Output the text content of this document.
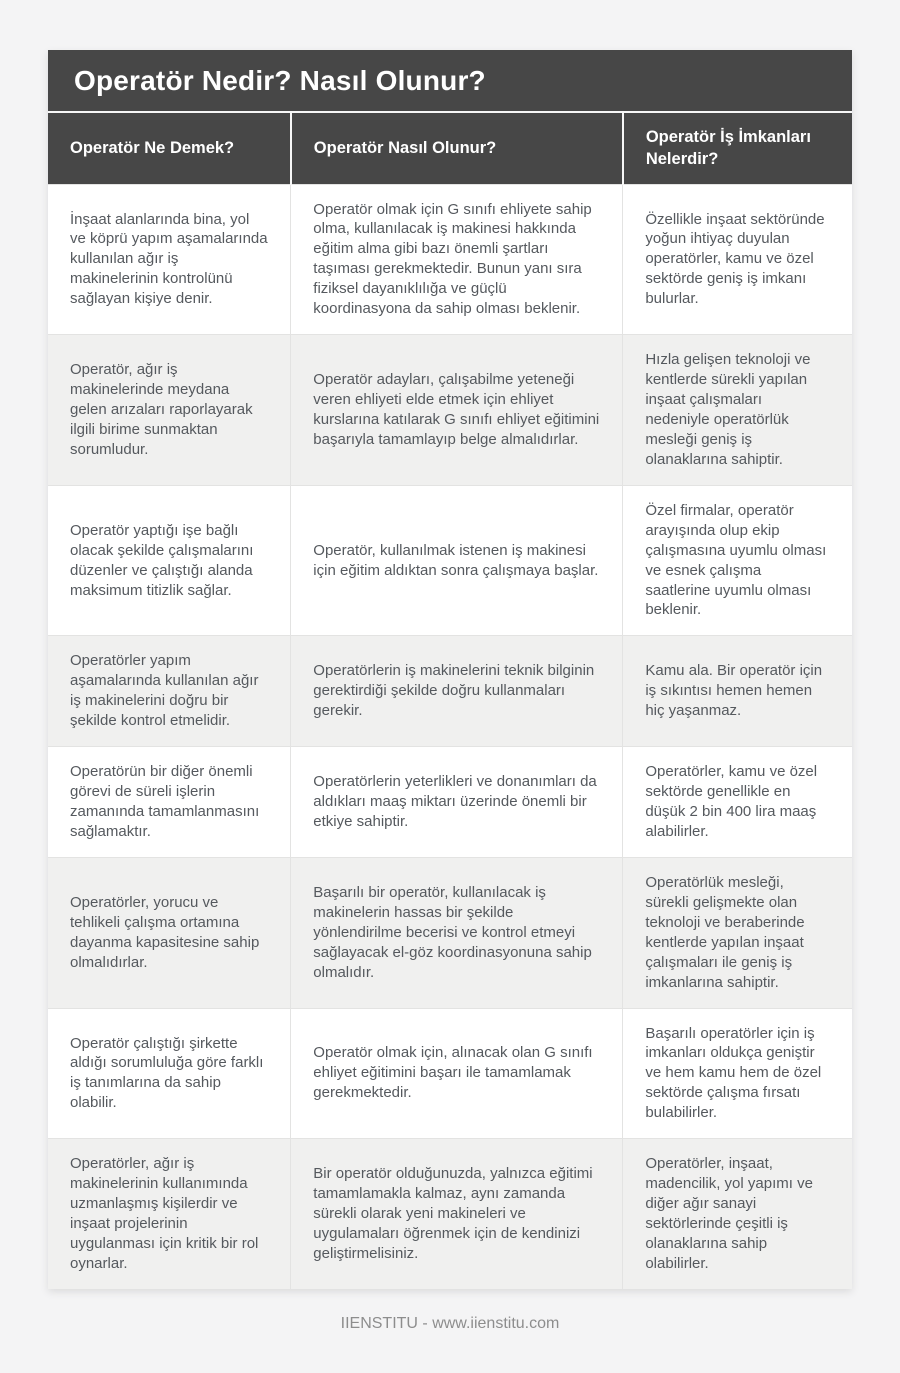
Operatör Nedir? Nasıl Olunur?		
Operatör Ne Demek?	Operatör Nasıl Olunur?	Operatör İş İmkanları Nelerdir?
İnşaat alanlarında bina, yol ve köprü yapım aşamalarında kullanılan ağır iş makinelerinin kontrolünü sağlayan kişiye denir.	Operatör olmak için G sınıfı ehliyete sahip olma, kullanılacak iş makinesi hakkında eğitim alma gibi bazı önemli şartları taşıması gerekmektedir. Bunun yanı sıra fiziksel dayanıklılığa ve güçlü koordinasyona da sahip olması beklenir.	Özellikle inşaat sektöründe yoğun ihtiyaç duyulan operatörler, kamu ve özel sektörde geniş iş imkanı bulurlar.
Operatör, ağır iş makinelerinde meydana gelen arızaları raporlayarak ilgili birime sunmaktan sorumludur.	Operatör adayları, çalışabilme yeteneği veren ehliyeti elde etmek için ehliyet kurslarına katılarak G sınıfı ehliyet eğitimini başarıyla tamamlayıp belge almalıdırlar.	Hızla gelişen teknoloji ve kentlerde sürekli yapılan inşaat çalışmaları nedeniyle operatörlük mesleği geniş iş olanaklarına sahiptir.
Operatör yaptığı işe bağlı olacak şekilde çalışmalarını düzenler ve çalıştığı alanda maksimum titizlik sağlar.	Operatör, kullanılmak istenen iş makinesi için eğitim aldıktan sonra çalışmaya başlar.	Özel firmalar, operatör arayışında olup ekip çalışmasına uyumlu olması ve esnek çalışma saatlerine uyumlu olması beklenir.
Operatörler yapım aşamalarında kullanılan ağır iş makinelerini doğru bir şekilde kontrol etmelidir.	Operatörlerin iş makinelerini teknik bilginin gerektirdiği şekilde doğru kullanmaları gerekir.	Kamu ala. Bir operatör için iş sıkıntısı hemen hemen hiç yaşanmaz.
Operatörün bir diğer önemli görevi de süreli işlerin zamanında tamamlanmasını sağlamaktır.	Operatörlerin yeterlikleri ve donanımları da aldıkları maaş miktarı üzerinde önemli bir etkiye sahiptir.	Operatörler, kamu ve özel sektörde genellikle en düşük 2 bin 400 lira maaş alabilirler.
Operatörler, yorucu ve tehlikeli çalışma ortamına dayanma kapasitesine sahip olmalıdırlar.	Başarılı bir operatör, kullanılacak iş makinelerin hassas bir şekilde yönlendirilme becerisi ve kontrol etmeyi sağlayacak el-göz koordinasyonuna sahip olmalıdır.	Operatörlük mesleği, sürekli gelişmekte olan teknoloji ve beraberinde kentlerde yapılan inşaat çalışmaları ile geniş iş imkanlarına sahiptir.
Operatör çalıştığı şirkette aldığı sorumluluğa göre farklı iş tanımlarına da sahip olabilir.	Operatör olmak için, alınacak olan G sınıfı ehliyet eğitimini başarı ile tamamlamak gerekmektedir.	Başarılı operatörler için iş imkanları oldukça geniştir ve hem kamu hem de özel sektörde çalışma fırsatı bulabilirler.
Operatörler, ağır iş makinelerinin kullanımında uzmanlaşmış kişilerdir ve inşaat projelerinin uygulanması için kritik bir rol oynarlar.	Bir operatör olduğunuzda, yalnızca eğitimi tamamlamakla kalmaz, aynı zamanda sürekli olarak yeni makineleri ve uygulamaları öğrenmek için de kendinizi geliştirmelisiniz.	Operatörler, inşaat, madencilik, yol yapımı ve diğer ağır sanayi sektörlerinde çeşitli iş olanaklarına sahip olabilirler.
IIENSTITU - www.iienstitu.com
